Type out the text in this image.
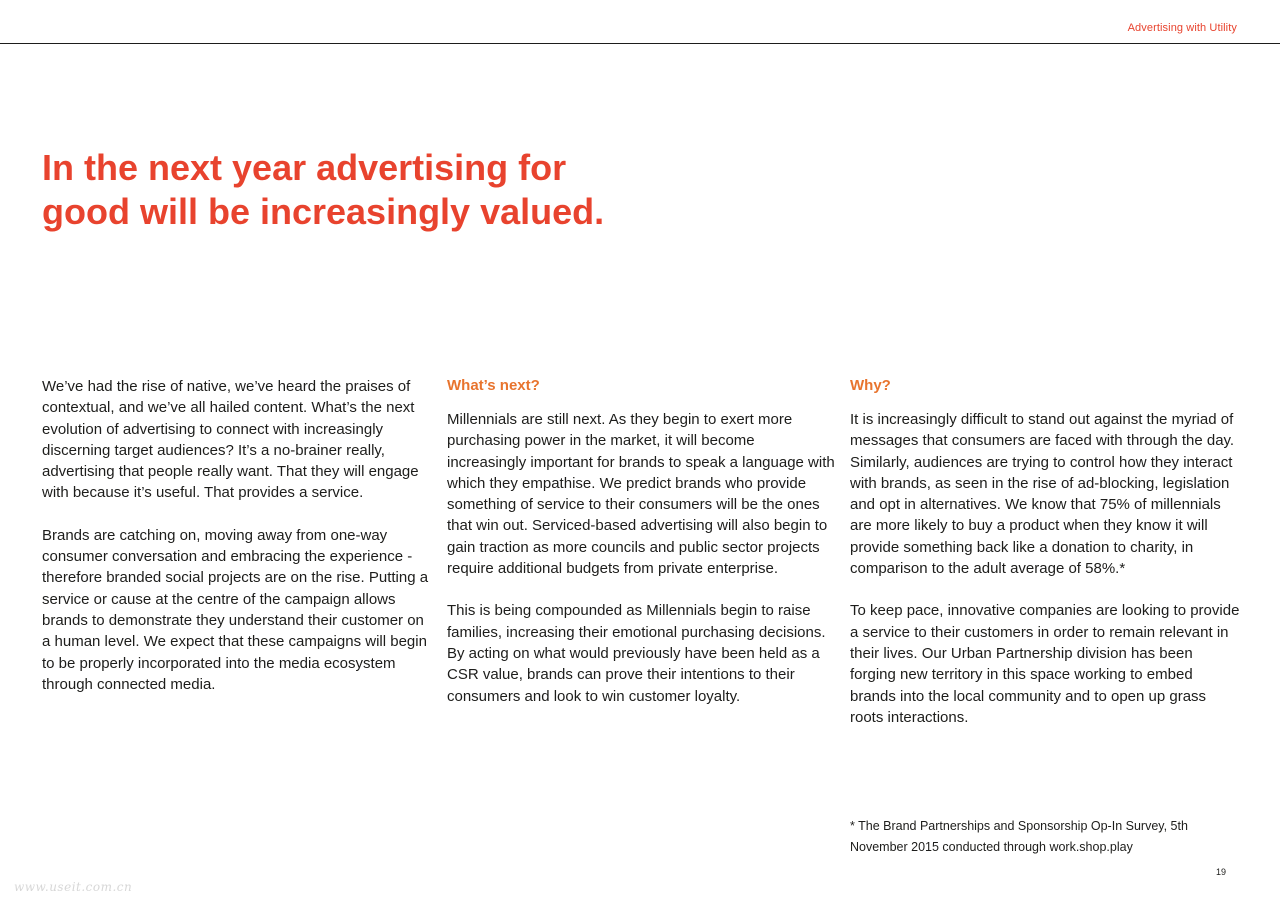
Advertising with Utility
In the next year advertising for
good will be increasingly valued.

We’ve had the rise of native, we’ve heard the praises of contextual, and we’ve all hailed content. What’s the next evolution of advertising to connect with increasingly discerning target audiences? It’s a no-brainer really, advertising that people really want. That they will engage with because it’s useful. That provides a service.

Brands are catching on, moving away from one-way consumer conversation and embracing the experience - therefore branded social projects are on the rise. Putting a service or cause at the centre of the campaign allows brands to demonstrate they understand their customer on a human level. We expect that these campaigns will begin to be properly incorporated into the media ecosystem through connected media.

What’s next?

Millennials are still next. As they begin to exert more purchasing power in the market, it will become increasingly important for brands to speak a language with which they empathise. We predict brands who provide something of service to their consumers will be the ones that win out. Serviced-based advertising will also begin to gain traction as more councils and public sector projects require additional budgets from private enterprise.

This is being compounded as Millennials begin to raise families, increasing their emotional purchasing decisions. By acting on what would previously have been held as a CSR value, brands can prove their intentions to their consumers and look to win customer loyalty.

Why?

It is increasingly difficult to stand out against the myriad of messages that consumers are faced with through the day. Similarly, audiences are trying to control how they interact with brands, as seen in the rise of ad-blocking, legislation and opt in alternatives. We know that 75% of millennials are more likely to buy a product when they know it will provide something back like a donation to charity, in comparison to the adult average of 58%.*

To keep pace, innovative companies are looking to provide a service to their customers in order to remain relevant in their lives. Our Urban Partnership division has been forging new territory in this space working to embed brands into the local community and to open up grass roots interactions.

* The Brand Partnerships and Sponsorship Op-In Survey, 5th November 2015 conducted through work.shop.play

19
www.useit.com.cn
